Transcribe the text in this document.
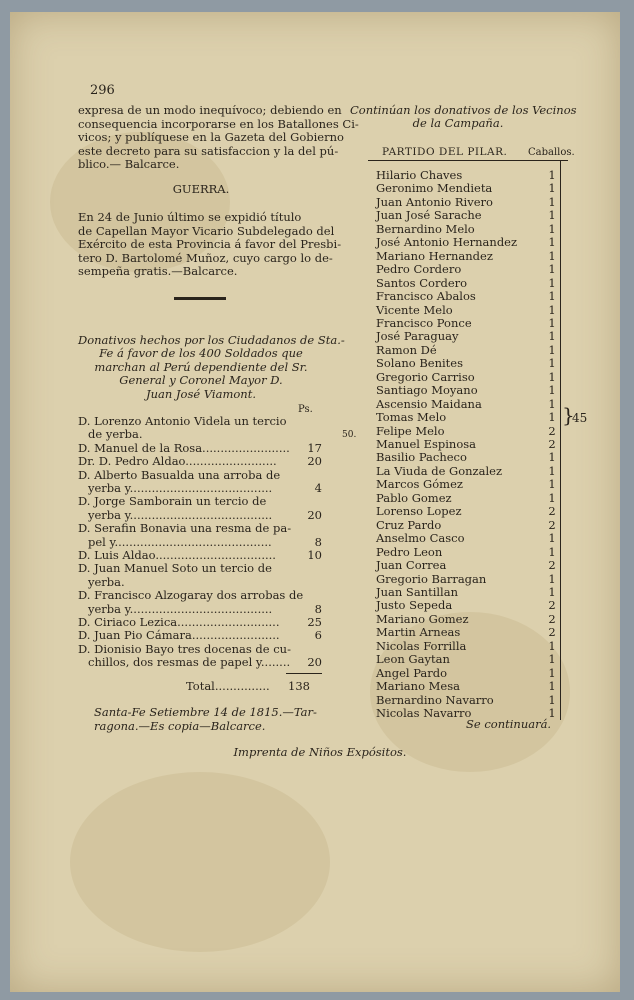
296
expresa de un modo inequívoco; debiendo en
consequencia incorporarse en los Batallones Ci-
vicos; y publíquese en la Gazeta del Gobierno
este decreto para su satisfaccion y la del pú-
blico.— Balcarce.
GUERRA.
En 24 de Junio último se expidió título
de Capellan Mayor Vicario Subdelegado del
Exército de esta Provincia á favor del Presbi-
tero D. Bartolomé Muñoz, cuyo cargo lo de-
sempeña gratis.—Balcarce.
Donativos hechos por los Ciudadanos de Sta.-
Fe á favor de los 400 Soldados que
marchan al Perú dependiente del Sr.
General y Coronel Mayor D.
Juan José Viamont.
Ps.
D. Lorenzo Antonio Videla un tercio
de yerba.
D. Manuel de la Rosa........................ 17
Dr. D. Pedro Aldao.........................	20
D. Alberto Basualda una arroba de
yerba y.......................................	4
D. Jorge Samborain un tercio de
yerba y.......................................	20
D. Serafin Bonavia una resma de pa-
pel y...........................................	8
D. Luis Aldao.................................	10
D. Juan Manuel Soto un tercio de
yerba.
D. Francisco Alzogaray dos arrobas de
yerba y.......................................	8
D. Ciriaco Lezica............................ 25
D. Juan Pio Cámara........................	6
D. Dionisio Bayo tres docenas de cu-
chillos, dos resmas de papel y........ 20
Total............... 138
Santa-Fe Setiembre 14 de 1815.—Tar-
ragona.—Es copia—Balcarce.
Continúan los donativos de los Vecinos
de la Campaña.
PARTIDO DEL PILAR. Caballos.
Hilario Chaves	1
Geronimo Mendieta	1
Juan Antonio Rivero	1
Juan José Sarache	1
Bernardino Melo	1
José Antonio Hernandez	1
Mariano Hernandez	1
Pedro Cordero	1
Santos Cordero	1
Francisco Abalos	1
Vicente Melo	1
Francisco Ponce	1
José Paraguay	1
Ramon Dé	1
Solano Benites	1
Gregorio Carriso	1
Santiago Moyano	1
Ascensio Maidana	1
Tomas Melo	1
Felipe Melo	2
Manuel Espinosa	2
Basilio Pacheco	1
La Viuda de Gonzalez	1
Marcos Gómez	1
Pablo Gomez	1
Lorenso Lopez	2
Cruz Pardo	2
Anselmo Casco	1
Pedro Leon	1
Juan Correa	2
Gregorio Barragan	1
Juan Santillan	1
Justo Sepeda	2
Mariano Gomez	2
Martin Arneas	2
Nicolas Forrilla	1
Leon Gaytan	1
Angel Pardo	1
Mariano Mesa	1
Bernardino Navarro	1
Nicolas Navarro	1
50.
}
45
Se continuará.
Imprenta de Niños Expósitos.
